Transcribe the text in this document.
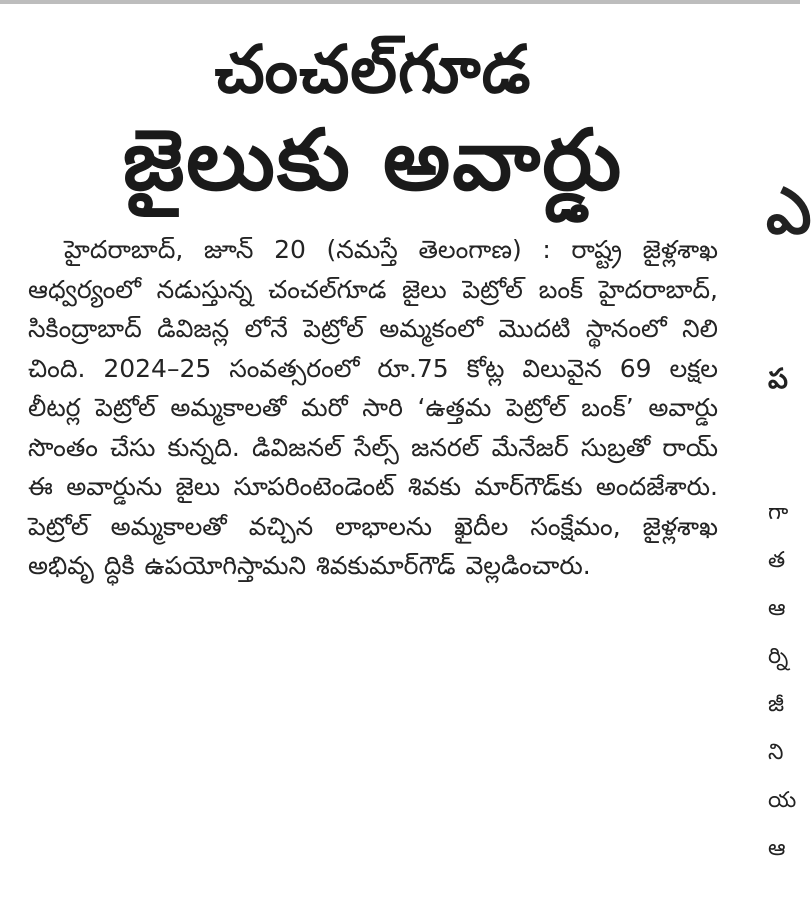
చంచల్‌గూడ
జైలుకు అవార్డు

హైదరాబాద్‌, జూన్‌ 20 (నమస్తే తెలంగాణ) : రాష్ట్ర జైళ్లశాఖ ఆధ్వర్యంలో నడుస్తున్న చంచల్‌గూడ జైలు పెట్రోల్‌ బంక్‌ హైదరాబాద్‌, సికింద్రాబాద్‌ డివిజన్ల లోనే పెట్రోల్‌ అమ్మకంలో మొదటి స్థానంలో నిలి చింది. 2024–25 సంవత్సరంలో రూ.75 కోట్ల విలువైన 69 లక్షల లీటర్ల పెట్రోల్‌ అమ్మకాలతో మరో సారి ‘ఉత్తమ పెట్రోల్‌ బంక్‌’ అవార్డు సొంతం చేసు కున్నది. డివిజనల్‌ సేల్స్‌ జనరల్‌ మేనేజర్‌ సుబ్రతో రాయ్‌ ఈ అవార్డును జైలు సూపరింటెండెంట్‌ శివకు మార్‌గౌడ్‌కు అందజేశారు. పెట్రోల్‌ అమ్మకాలతో వచ్చిన లాభాలను ఖైదీల సంక్షేమం, జైళ్లశాఖ అభివృ ద్ధికి ఉపయోగిస్తామని శివకుమార్‌గౌడ్‌ వెల్లడించారు.

ఎ
ప
గా
త
ఆ
ర్ని
జీ
ని
య
ఆ
